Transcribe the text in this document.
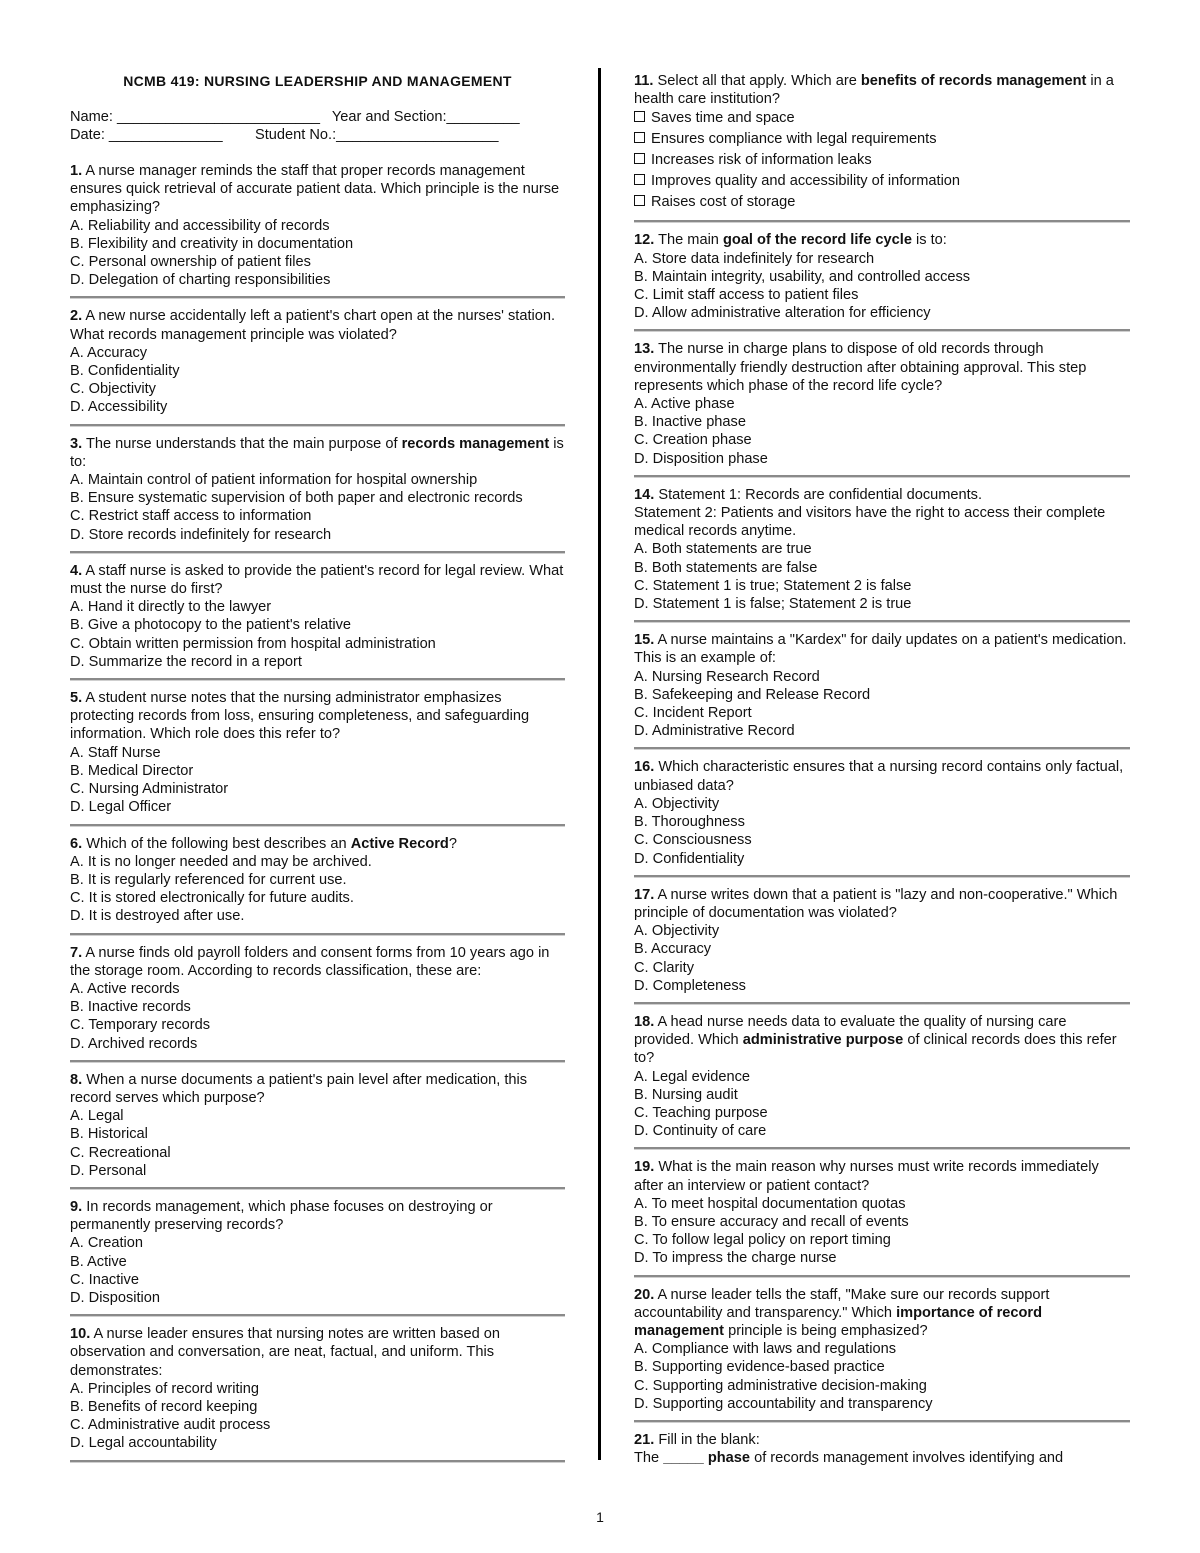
NCMB 419: NURSING LEADERSHIP AND MANAGEMENT
Name: _________________________   Year and Section:_________
Date: ______________        Student No.:____________________
1. A nurse manager reminds the staff that proper records management ensures quick retrieval of accurate patient data. Which principle is the nurse emphasizing?
A. Reliability and accessibility of records
B. Flexibility and creativity in documentation
C. Personal ownership of patient files
D. Delegation of charting responsibilities
2. A new nurse accidentally left a patient's chart open at the nurses' station. What records management principle was violated?
A. Accuracy
B. Confidentiality
C. Objectivity
D. Accessibility
3. The nurse understands that the main purpose of records management is to:
A. Maintain control of patient information for hospital ownership
B. Ensure systematic supervision of both paper and electronic records
C. Restrict staff access to information
D. Store records indefinitely for research
4. A staff nurse is asked to provide the patient's record for legal review. What must the nurse do first?
A. Hand it directly to the lawyer
B. Give a photocopy to the patient's relative
C. Obtain written permission from hospital administration
D. Summarize the record in a report
5. A student nurse notes that the nursing administrator emphasizes protecting records from loss, ensuring completeness, and safeguarding information. Which role does this refer to?
A. Staff Nurse
B. Medical Director
C. Nursing Administrator
D. Legal Officer
6. Which of the following best describes an Active Record?
A. It is no longer needed and may be archived.
B. It is regularly referenced for current use.
C. It is stored electronically for future audits.
D. It is destroyed after use.
7. A nurse finds old payroll folders and consent forms from 10 years ago in the storage room. According to records classification, these are:
A. Active records
B. Inactive records
C. Temporary records
D. Archived records
8. When a nurse documents a patient's pain level after medication, this record serves which purpose?
A. Legal
B. Historical
C. Recreational
D. Personal
9. In records management, which phase focuses on destroying or permanently preserving records?
A. Creation
B. Active
C. Inactive
D. Disposition
10. A nurse leader ensures that nursing notes are written based on observation and conversation, are neat, factual, and uniform. This demonstrates:
A. Principles of record writing
B. Benefits of record keeping
C. Administrative audit process
D. Legal accountability
11. Select all that apply. Which are benefits of records management in a health care institution?
Saves time and space
Ensures compliance with legal requirements
Increases risk of information leaks
Improves quality and accessibility of information
Raises cost of storage
12. The main goal of the record life cycle is to:
A. Store data indefinitely for research
B. Maintain integrity, usability, and controlled access
C. Limit staff access to patient files
D. Allow administrative alteration for efficiency
13. The nurse in charge plans to dispose of old records through environmentally friendly destruction after obtaining approval. This step represents which phase of the record life cycle?
A. Active phase
B. Inactive phase
C. Creation phase
D. Disposition phase
14. Statement 1: Records are confidential documents.
Statement 2: Patients and visitors have the right to access their complete medical records anytime.
A. Both statements are true
B. Both statements are false
C. Statement 1 is true; Statement 2 is false
D. Statement 1 is false; Statement 2 is true
15. A nurse maintains a "Kardex" for daily updates on a patient's medication. This is an example of:
A. Nursing Research Record
B. Safekeeping and Release Record
C. Incident Report
D. Administrative Record
16. Which characteristic ensures that a nursing record contains only factual, unbiased data?
A. Objectivity
B. Thoroughness
C. Consciousness
D. Confidentiality
17. A nurse writes down that a patient is "lazy and non-cooperative." Which principle of documentation was violated?
A. Objectivity
B. Accuracy
C. Clarity
D. Completeness
18. A head nurse needs data to evaluate the quality of nursing care provided. Which administrative purpose of clinical records does this refer to?
A. Legal evidence
B. Nursing audit
C. Teaching purpose
D. Continuity of care
19. What is the main reason why nurses must write records immediately after an interview or patient contact?
A. To meet hospital documentation quotas
B. To ensure accuracy and recall of events
C. To follow legal policy on report timing
D. To impress the charge nurse
20. A nurse leader tells the staff, "Make sure our records support accountability and transparency." Which importance of record management principle is being emphasized?
A. Compliance with laws and regulations
B. Supporting evidence-based practice
C. Supporting administrative decision-making
D. Supporting accountability and transparency
21. Fill in the blank:
The _____ phase of records management involves identifying and
1
